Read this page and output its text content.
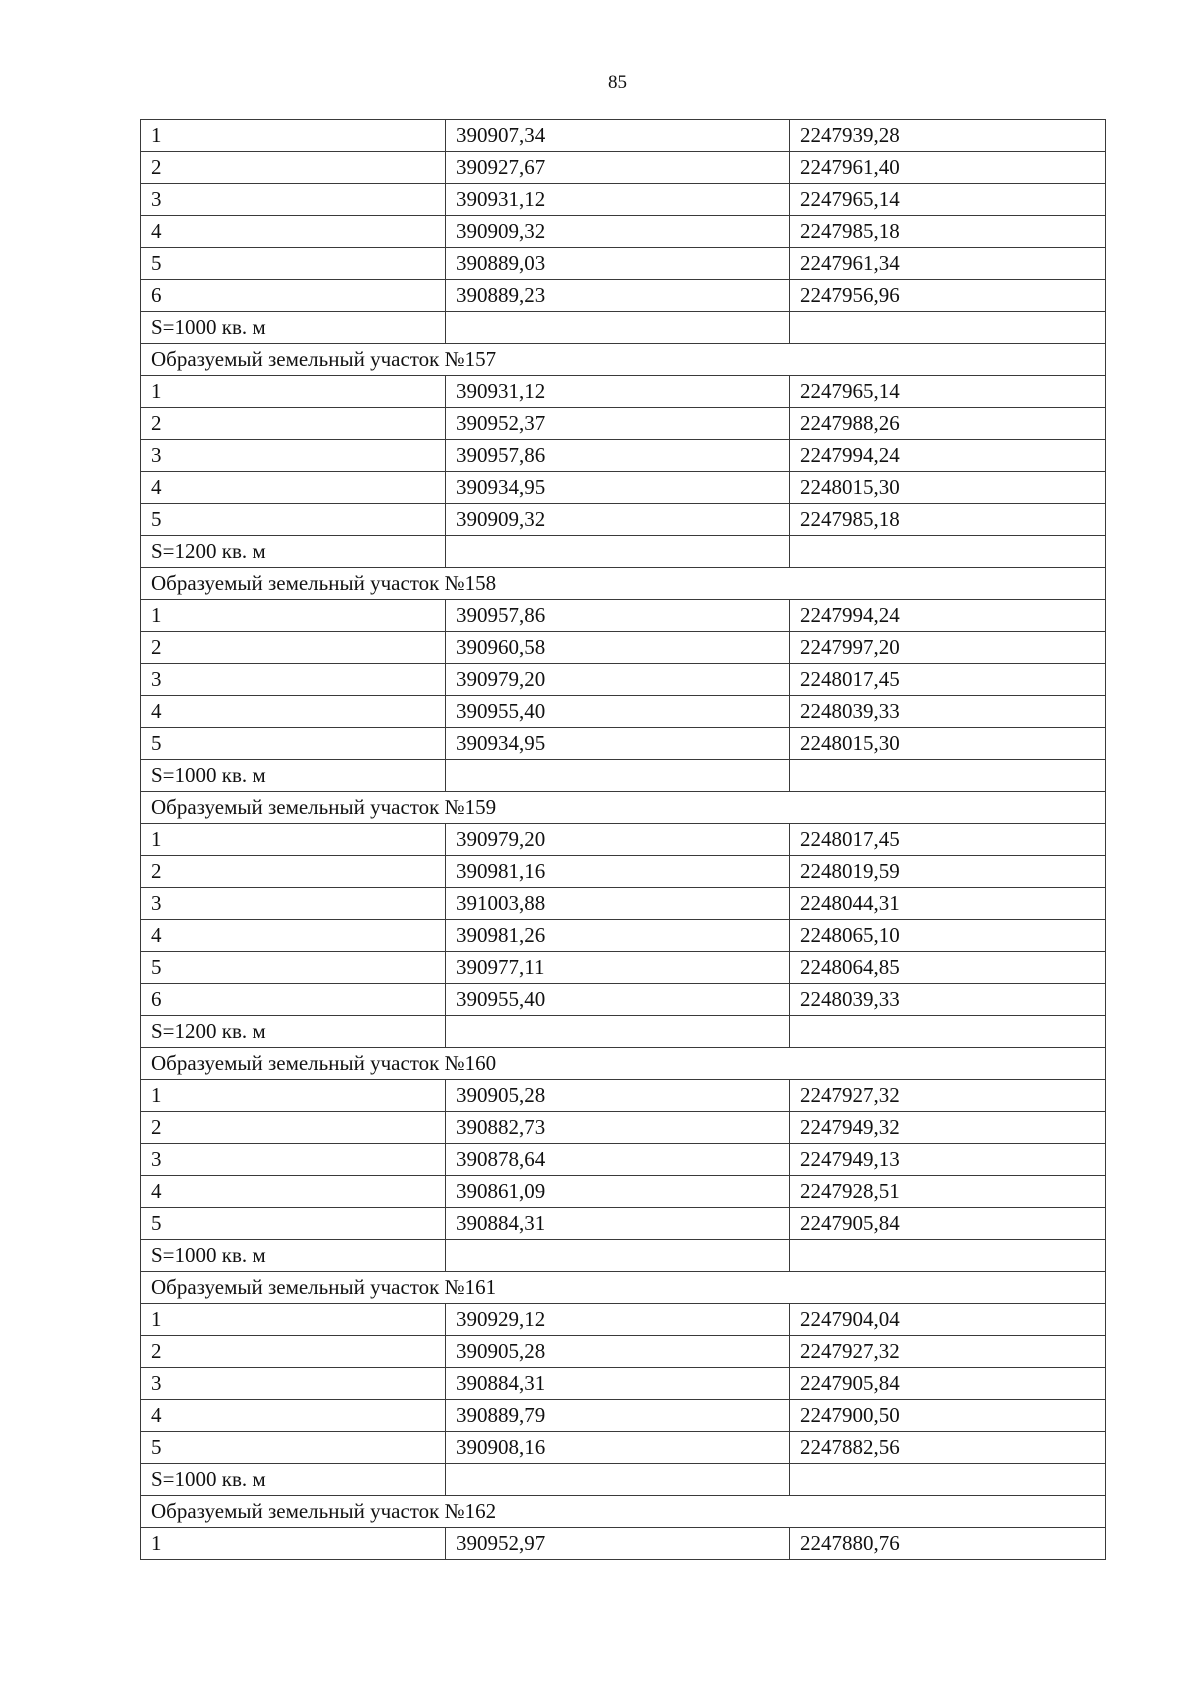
85
1	390907,34	2247939,28
2	390927,67	2247961,40
3	390931,12	2247965,14
4	390909,32	2247985,18
5	390889,03	2247961,34
6	390889,23	2247956,96
S=1000 кв. м		
Образуемый земельный участок №157		
1	390931,12	2247965,14
2	390952,37	2247988,26
3	390957,86	2247994,24
4	390934,95	2248015,30
5	390909,32	2247985,18
S=1200 кв. м		
Образуемый земельный участок №158		
1	390957,86	2247994,24
2	390960,58	2247997,20
3	390979,20	2248017,45
4	390955,40	2248039,33
5	390934,95	2248015,30
S=1000 кв. м		
Образуемый земельный участок №159		
1	390979,20	2248017,45
2	390981,16	2248019,59
3	391003,88	2248044,31
4	390981,26	2248065,10
5	390977,11	2248064,85
6	390955,40	2248039,33
S=1200 кв. м		
Образуемый земельный участок №160		
1	390905,28	2247927,32
2	390882,73	2247949,32
3	390878,64	2247949,13
4	390861,09	2247928,51
5	390884,31	2247905,84
S=1000 кв. м		
Образуемый земельный участок №161		
1	390929,12	2247904,04
2	390905,28	2247927,32
3	390884,31	2247905,84
4	390889,79	2247900,50
5	390908,16	2247882,56
S=1000 кв. м		
Образуемый земельный участок №162		
1	390952,97	2247880,76
